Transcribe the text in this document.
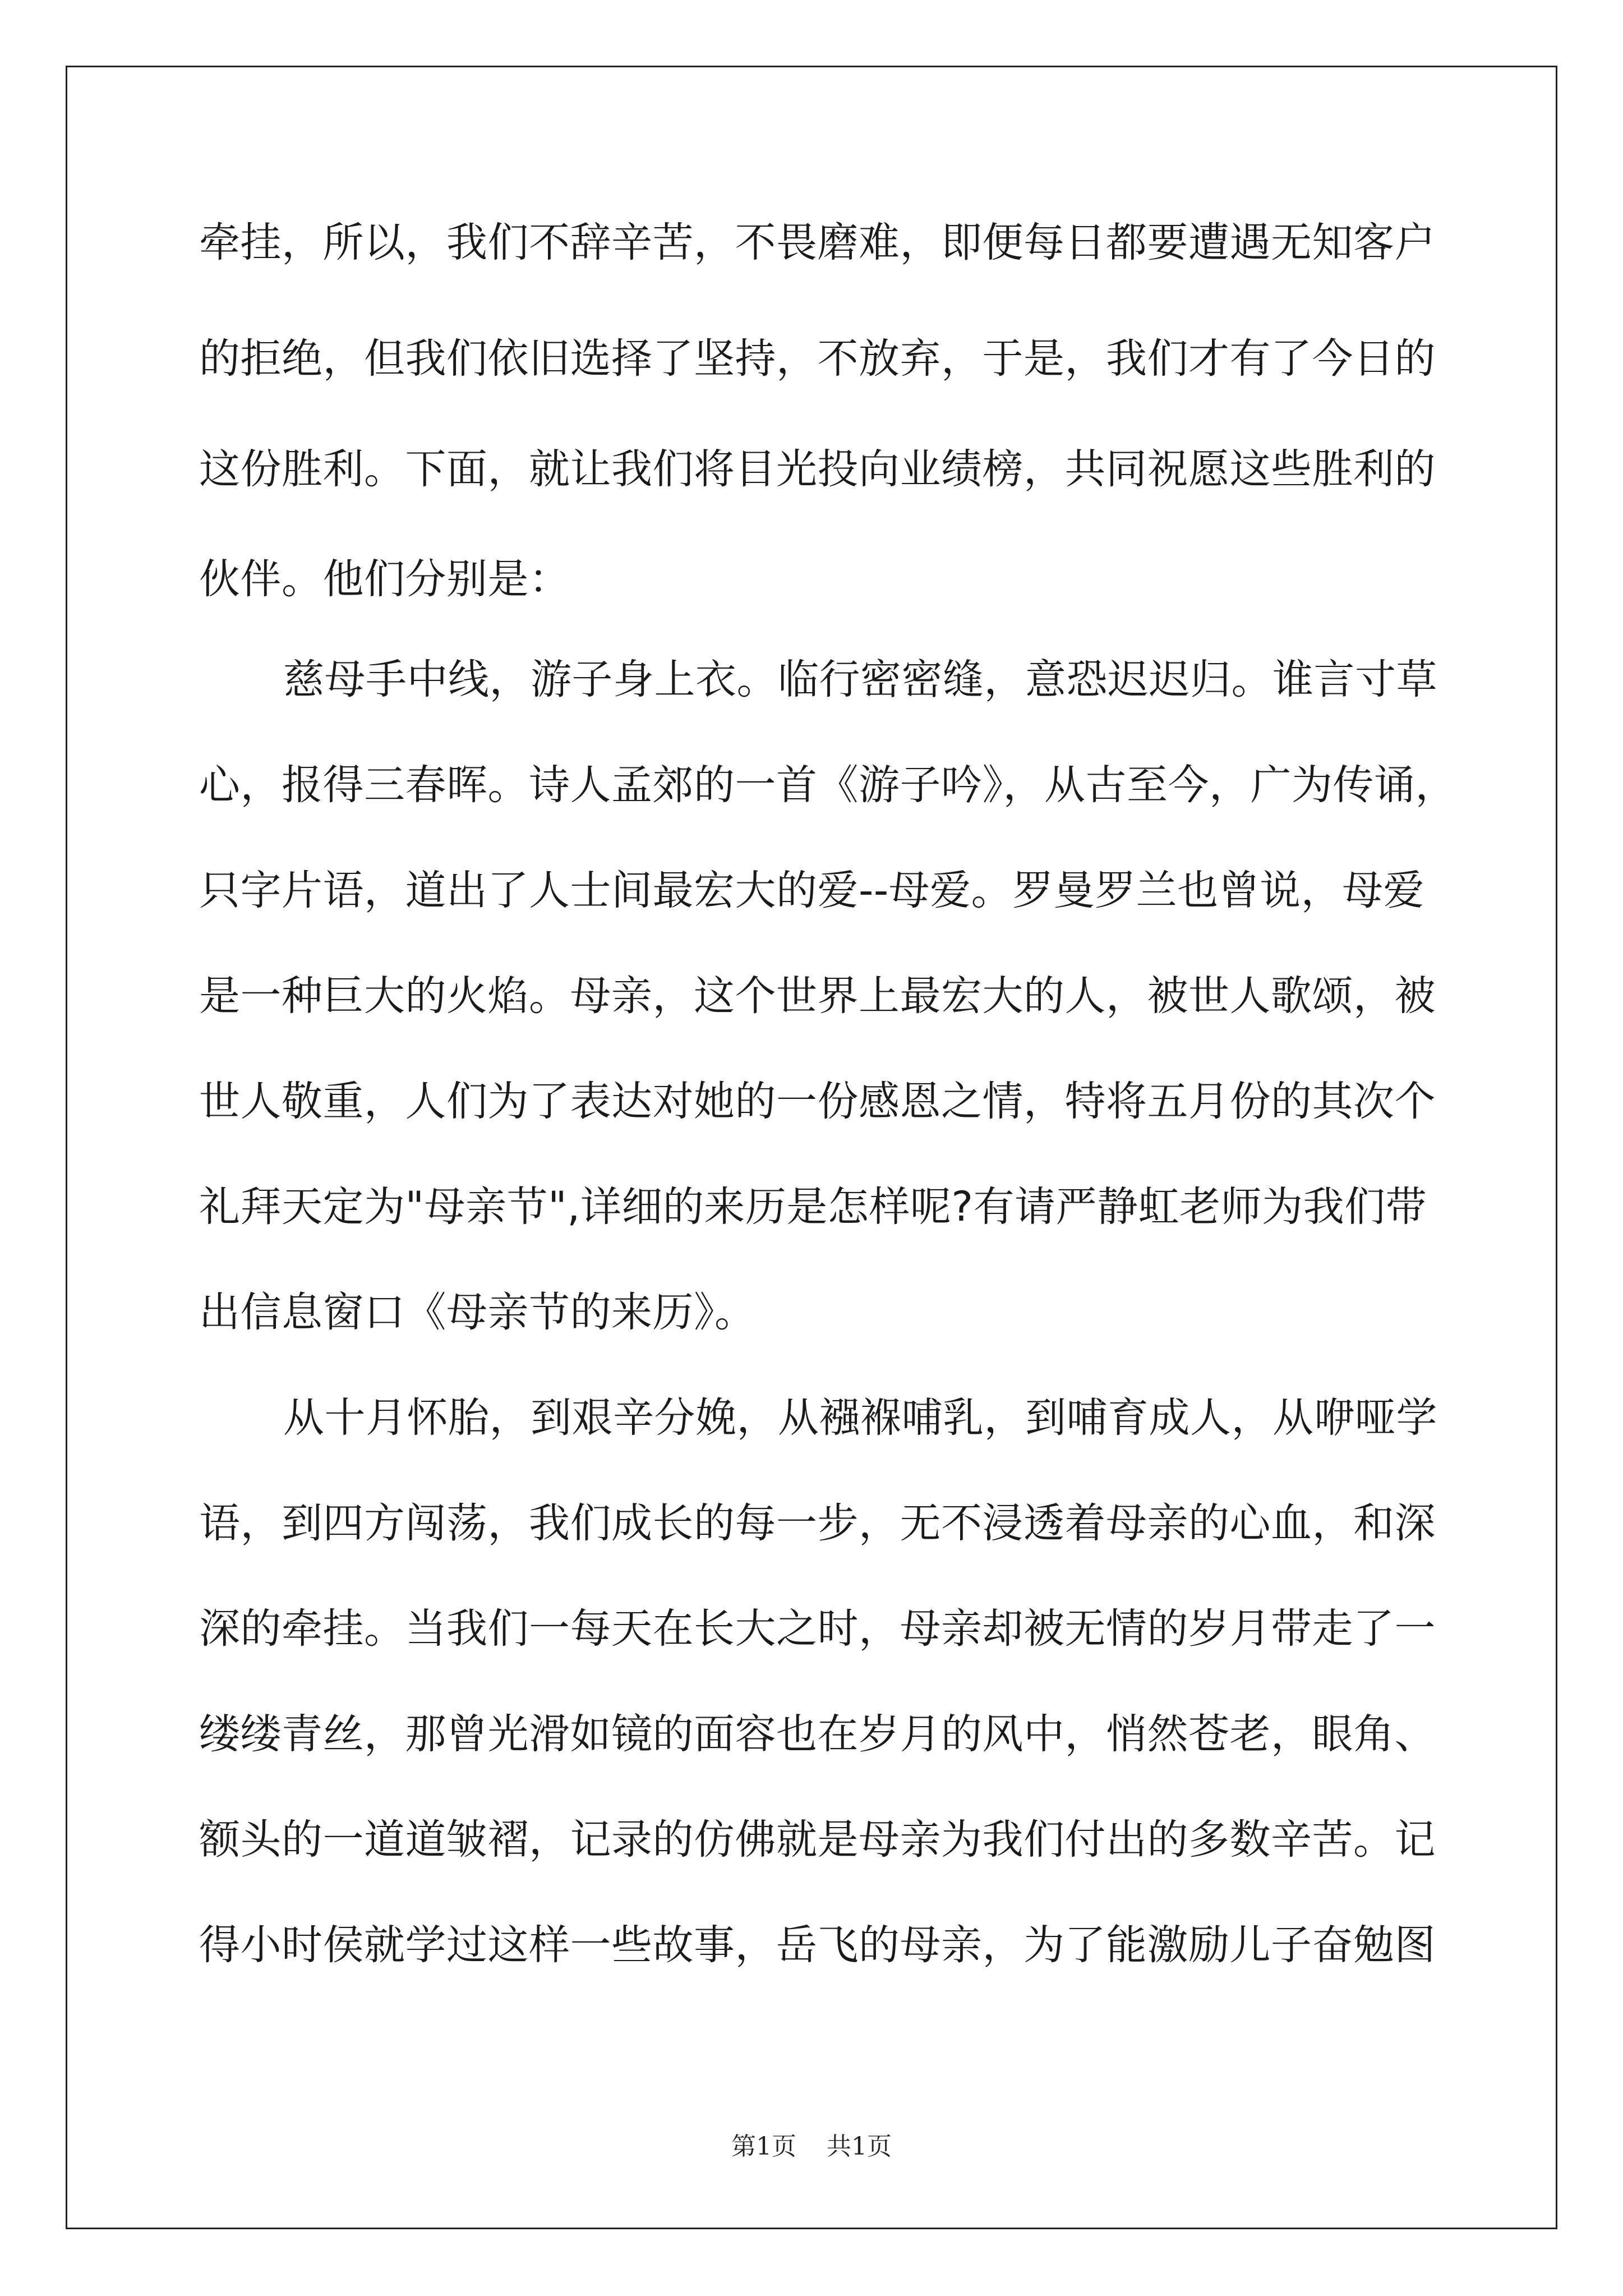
牵挂，所以，我们不辞辛苦，不畏磨难，即便每日都要遭遇无知客户
的拒绝，但我们依旧选择了坚持，不放弃，于是，我们才有了今日的
这份胜利。下面，就让我们将目光投向业绩榜，共同祝愿这些胜利的
伙伴。他们分别是：
慈母手中线，游子身上衣。临行密密缝，意恐迟迟归。谁言寸草
心，报得三春晖。诗人孟郊的一首《游子吟》，从古至今，广为传诵，
只字片语，道出了人士间最宏大的爱--母爱。罗曼罗兰也曾说，母爱
是一种巨大的火焰。母亲，这个世界上最宏大的人，被世人歌颂，被
世人敬重，人们为了表达对她的一份感恩之情，特将五月份的其次个
礼拜天定为"母亲节",详细的来历是怎样呢?有请严静虹老师为我们带
出信息窗口《母亲节的来历》。
从十月怀胎，到艰辛分娩，从襁褓哺乳，到哺育成人，从咿哑学
语，到四方闯荡，我们成长的每一步，无不浸透着母亲的心血，和深
深的牵挂。当我们一每天在长大之时，母亲却被无情的岁月带走了一
缕缕青丝，那曾光滑如镜的面容也在岁月的风中，悄然苍老，眼角、
额头的一道道皱褶，记录的仿佛就是母亲为我们付出的多数辛苦。记
得小时侯就学过这样一些故事，岳飞的母亲，为了能激励儿子奋勉图
第1页 共1页
